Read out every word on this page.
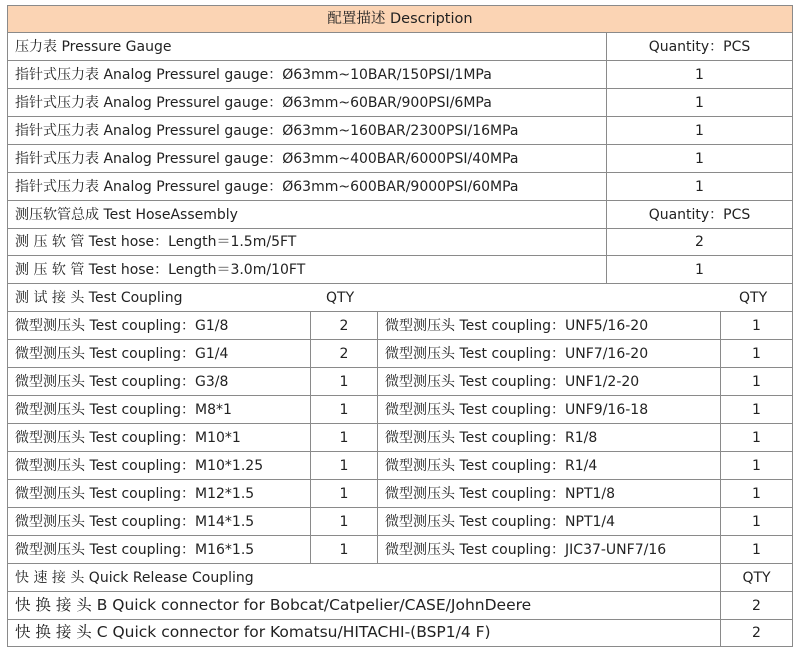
配置描述 Description
压力表 Pressure Gauge	Quantity：PCS
指针式压力表 Analog Pressurel gauge：Ø63mm~10BAR/150PSI/1MPa	1
指针式压力表 Analog Pressurel gauge：Ø63mm~60BAR/900PSI/6MPa	1
指针式压力表 Analog Pressurel gauge：Ø63mm~160BAR/2300PSI/16MPa	1
指针式压力表 Analog Pressurel gauge：Ø63mm~400BAR/6000PSI/40MPa	1
指针式压力表 Analog Pressurel gauge：Ø63mm~600BAR/9000PSI/60MPa	1
测压软管总成 Test HoseAssembly	Quantity：PCS
测 压 软 管 Test hose：Length＝1.5m/5FT	2
测 压 软 管 Test hose：Length＝3.0m/10FT	1
测 试 接 头 Test Coupling	QTY	QTY
微型测压头 Test coupling：G1/8	2	微型测压头 Test coupling：UNF5/16-20	1
微型测压头 Test coupling：G1/4	2	微型测压头 Test coupling：UNF7/16-20	1
微型测压头 Test coupling：G3/8	1	微型测压头 Test coupling：UNF1/2-20	1
微型测压头 Test coupling：M8*1	1	微型测压头 Test coupling：UNF9/16-18	1
微型测压头 Test coupling：M10*1	1	微型测压头 Test coupling：R1/8	1
微型测压头 Test coupling：M10*1.25	1	微型测压头 Test coupling：R1/4	1
微型测压头 Test coupling：M12*1.5	1	微型测压头 Test coupling：NPT1/8	1
微型测压头 Test coupling：M14*1.5	1	微型测压头 Test coupling：NPT1/4	1
微型测压头 Test coupling：M16*1.5	1	微型测压头 Test coupling：JIC37-UNF7/16	1
快 速 接 头 Quick Release Coupling	QTY
快 换 接 头 B Quick connector for Bobcat/Catpelier/CASE/JohnDeere	2
快 换 接 头 C Quick connector for Komatsu/HITACHI-(BSP1/4 F)	2
